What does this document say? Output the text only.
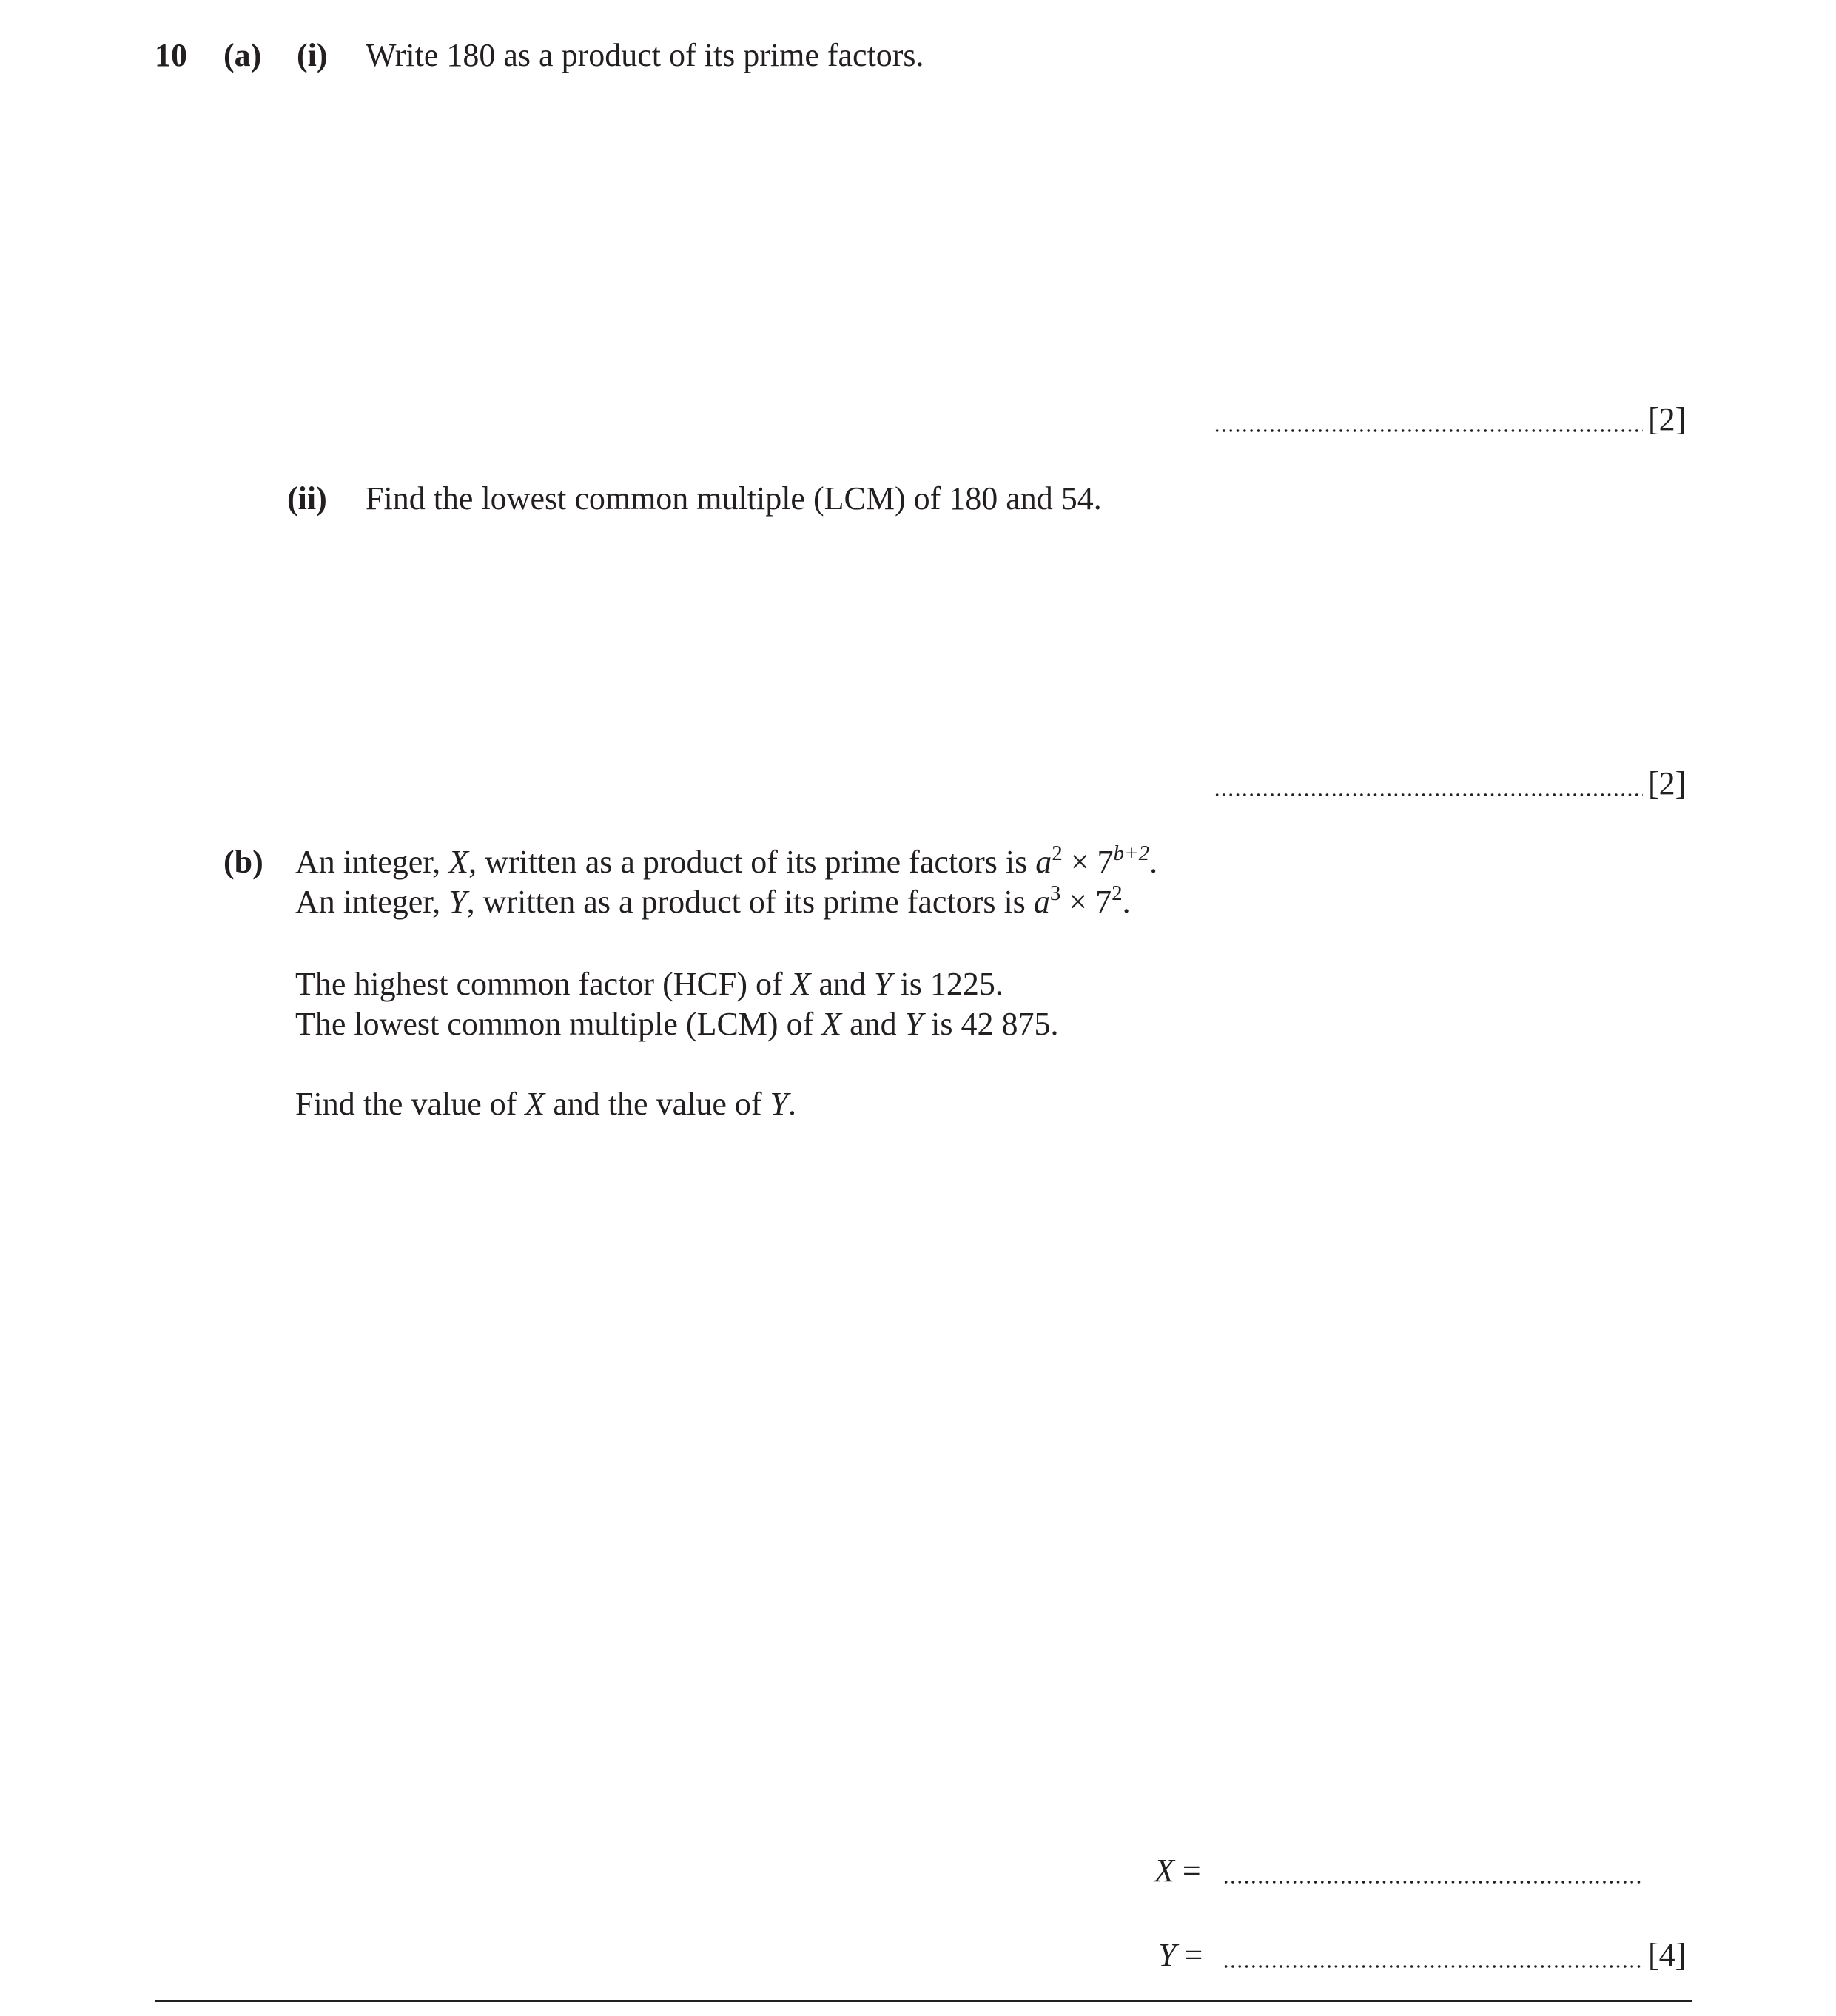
10 (a) (i) Write 180 as a product of its prime factors.
[2]
(ii) Find the lowest common multiple (LCM) of 180 and 54.
[2]
(b) An integer, X, written as a product of its prime factors is $a^2 \times 7^{b+2}$.
An integer, Y, written as a product of its prime factors is $a^3 \times 7^2$.
The highest common factor (HCF) of X and Y is 1225.
The lowest common multiple (LCM) of X and Y is 42 875.
Find the value of X and the value of Y.
X =
Y =	[4]
